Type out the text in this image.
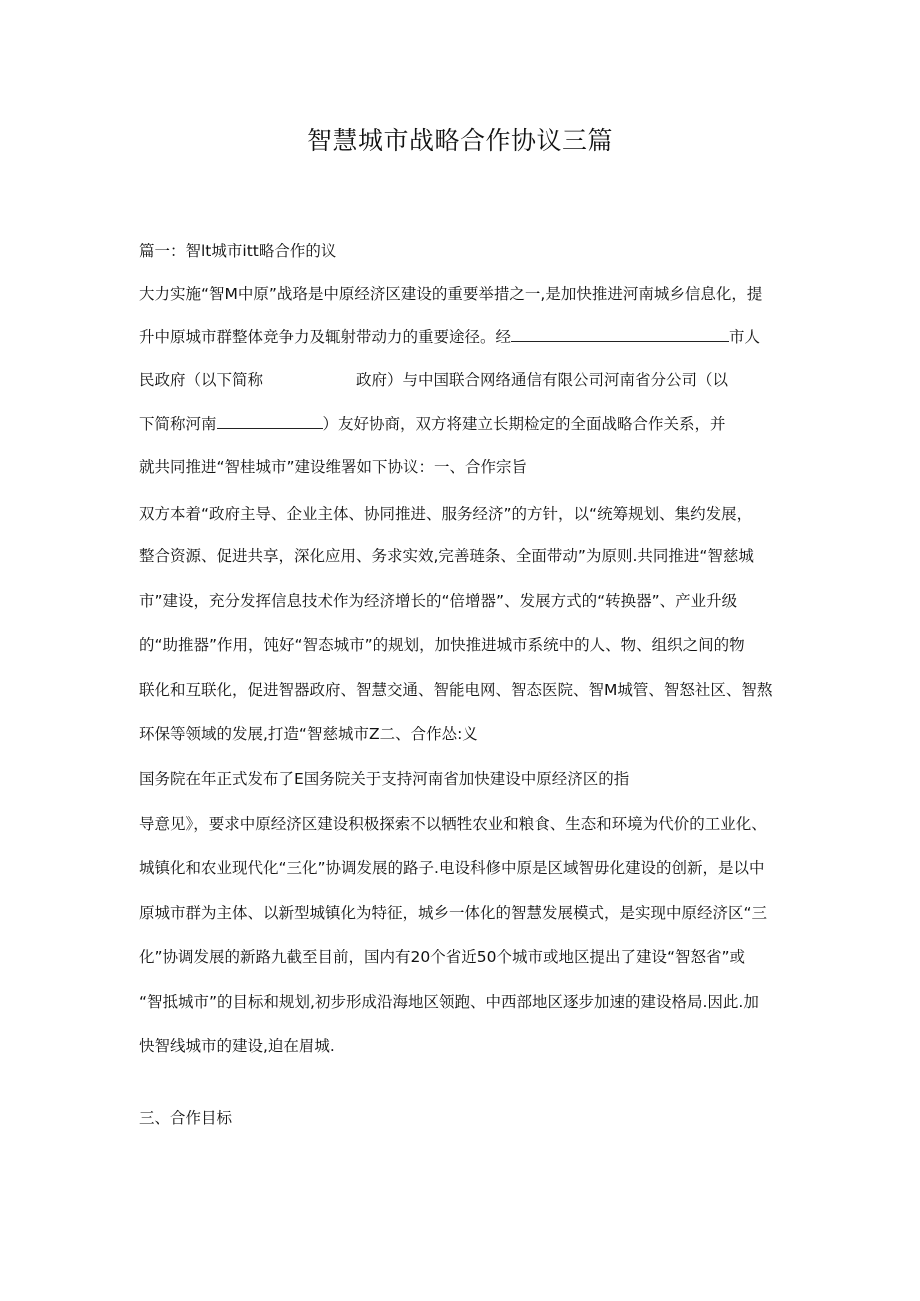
智慧城市战略合作协议三篇
篇一：智lt城市ⅰtt略合作的议
大力实施“智M中原”战珞是中原经济区建设的重要举措之一,是加快推进河南城乡信息化，提
升中原城市群整体竞争力及辄射带动力的重要途径。经	市人
民政府（以下简称	政府）与中国联合网络通信有限公司河南省分公司（以
下简称河南	）友好协商，双方将建立长期检定的全面战略合作关系，并
就共同推进“智桂城市”建设维署如下协议：一、合作宗旨
双方本着“政府主导、企业主体、协同推进、服务经济”的方针，以“统筹规划、集约发展，
整合资源、促进共享，深化应用、务求实效,完善琏条、全面带动”为原则.共同推进“智慈城
市”建设，充分发挥信息技术作为经济增长的“倍增器”、发展方式的“转换器”、产业升级
的“助推器”作用，饨好“智态城市”的规划，加快推进城市系统中的人、物、组织之间的物
联化和互联化，促进智器政府、智慧交通、智能电网、智态医院、智M城管、智怒社区、智熬
环保等领域的发展,打造“智慈城市Z二、合作怂:义
国务院在年正式发布了E国务院关于支持河南省加快建设中原经济区的指
导意见》，要求中原经济区建设积极探索不以牺牲农业和粮食、生态和环境为代价的工业化、
城镇化和农业现代化“三化”协调发展的路子.电设科修中原是区域智毋化建设的创新，是以中
原城市群为主体、以新型城镇化为特征，城乡一体化的智慧发展模式，是实现中原经济区“三
化”协调发展的新路九截至目前，国内有20个省近50个城市或地区提出了建设“智怒省”或
“智抵城市”的目标和规划,初步形成沿海地区领跑、中西部地区逐步加速的建设格局.因此.加
快智线城市的建设,迫在眉城.
三、合作目标
